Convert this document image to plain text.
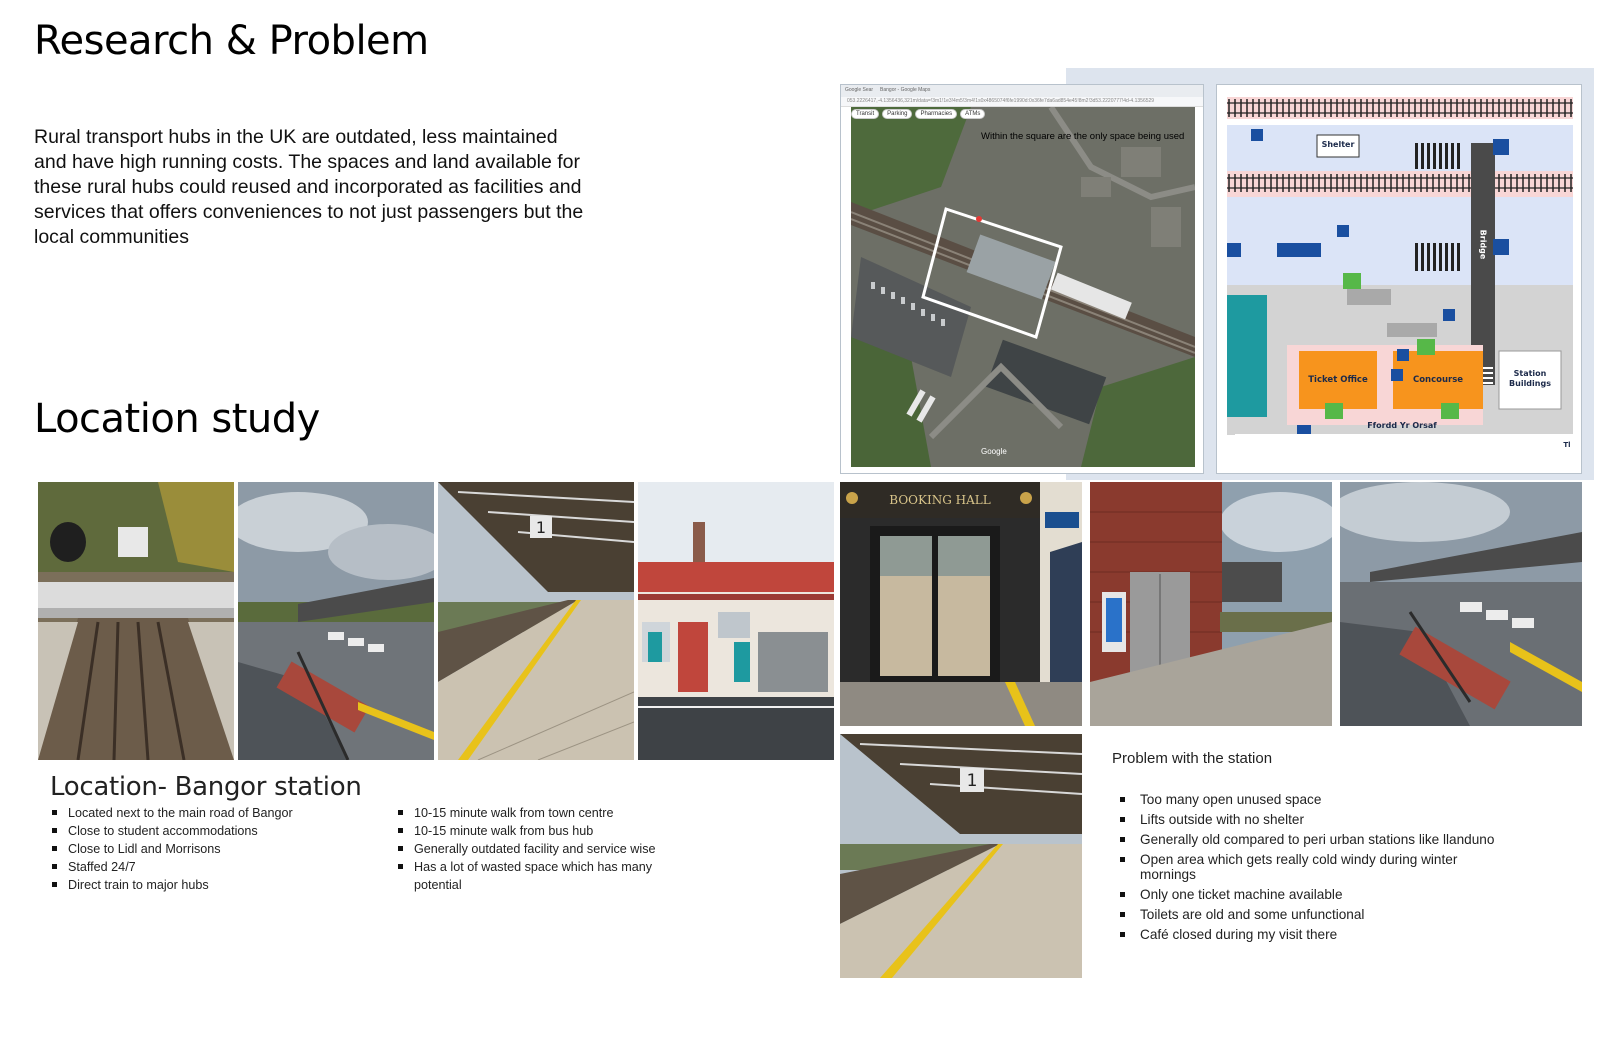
Research & Problem

Rural transport hubs in the UK are outdated, less maintained and have high running costs. The spaces and land available for these rural hubs could reused and incorporated as facilities and services that offers conveniences to not just passengers but the local communities

Location study
Google Sear Bangor - Google Maps
053.2226417,-4.1356436,321m/data=!3m1!1e3!4m5!3m4!1s0x4865074f6fe1990d:0x36fe7da6ad854e45!8m2!3d53.2220777!4d-4.1356529
Transit	Parking	Pharmacies	ATMs
Within the square are the only space being used
Google
Shelter
Bridge
Ticket Office	Concourse
Station Buildings
Ffordd Yr Orsaf
Tl
1
BOOKING HALL
1
Location- Bangor station
Located next to the main road of Bangor
Close to student accommodations
Close to Lidl and Morrisons
Staffed 24/7
Direct train to major hubs
10-15 minute walk from town centre
10-15 minute walk from bus hub
Generally outdated facility and service wise
Has a lot of wasted space which has many potential
Problem with the station
Too many open unused space
Lifts outside with no shelter
Generally old compared to peri urban stations like llanduno
Open area which gets really cold windy during winter mornings
Only one ticket machine available
Toilets are old and some unfunctional
Café closed during my visit there
